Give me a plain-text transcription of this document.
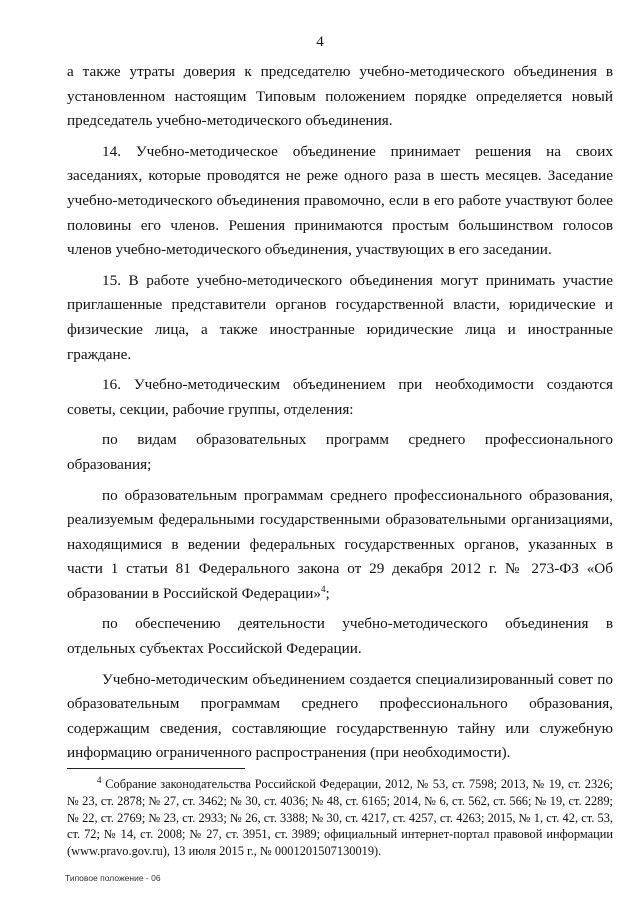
4

а также утраты доверия к председателю учебно-методического объединения в установленном настоящим Типовым положением порядке определяется новый председатель учебно-методического объединения.

14. Учебно-методическое объединение принимает решения на своих заседаниях, которые проводятся не реже одного раза в шесть месяцев. Заседание учебно-методического объединения правомочно, если в его работе участвуют более половины его членов. Решения принимаются простым большинством голосов членов учебно-методического объединения, участвующих в его заседании.

15. В работе учебно-методического объединения могут принимать участие приглашенные представители органов государственной власти, юридические и физические лица, а также иностранные юридические лица и иностранные граждане.

16. Учебно-методическим объединением при необходимости создаются советы, секции, рабочие группы, отделения:

по видам образовательных программ среднего профессионального образования;

по образовательным программам среднего профессионального образования, реализуемым федеральными государственными образовательными организациями, находящимися в ведении федеральных государственных органов, указанных в части 1 статьи 81 Федерального закона от 29 декабря 2012 г. № 273-ФЗ «Об образовании в Российской Федерации»$^4$;

по обеспечению деятельности учебно-методического объединения в отдельных субъектах Российской Федерации.

Учебно-методическим объединением создается специализированный совет по образовательным программам среднего профессионального образования, содержащим сведения, составляющие государственную тайну или служебную информацию ограниченного распространения (при необходимости).

$^4$ Собрание законодательства Российской Федерации, 2012, № 53, ст. 7598; 2013, № 19, ст. 2326; № 23, ст. 2878; № 27, ст. 3462; № 30, ст. 4036; № 48, ст. 6165; 2014, № 6, ст. 562, ст. 566; № 19, ст. 2289; № 22, ст. 2769; № 23, ст. 2933; № 26, ст. 3388; № 30, ст. 4217, ст. 4257, ст. 4263; 2015, № 1, ст. 42, ст. 53, ст. 72; № 14, ст. 2008; № 27, ст. 3951, ст. 3989; официальный интернет-портал правовой информации (www.pravo.gov.ru), 13 июля 2015 г., № 0001201507130019).
Типовое положение - 06
